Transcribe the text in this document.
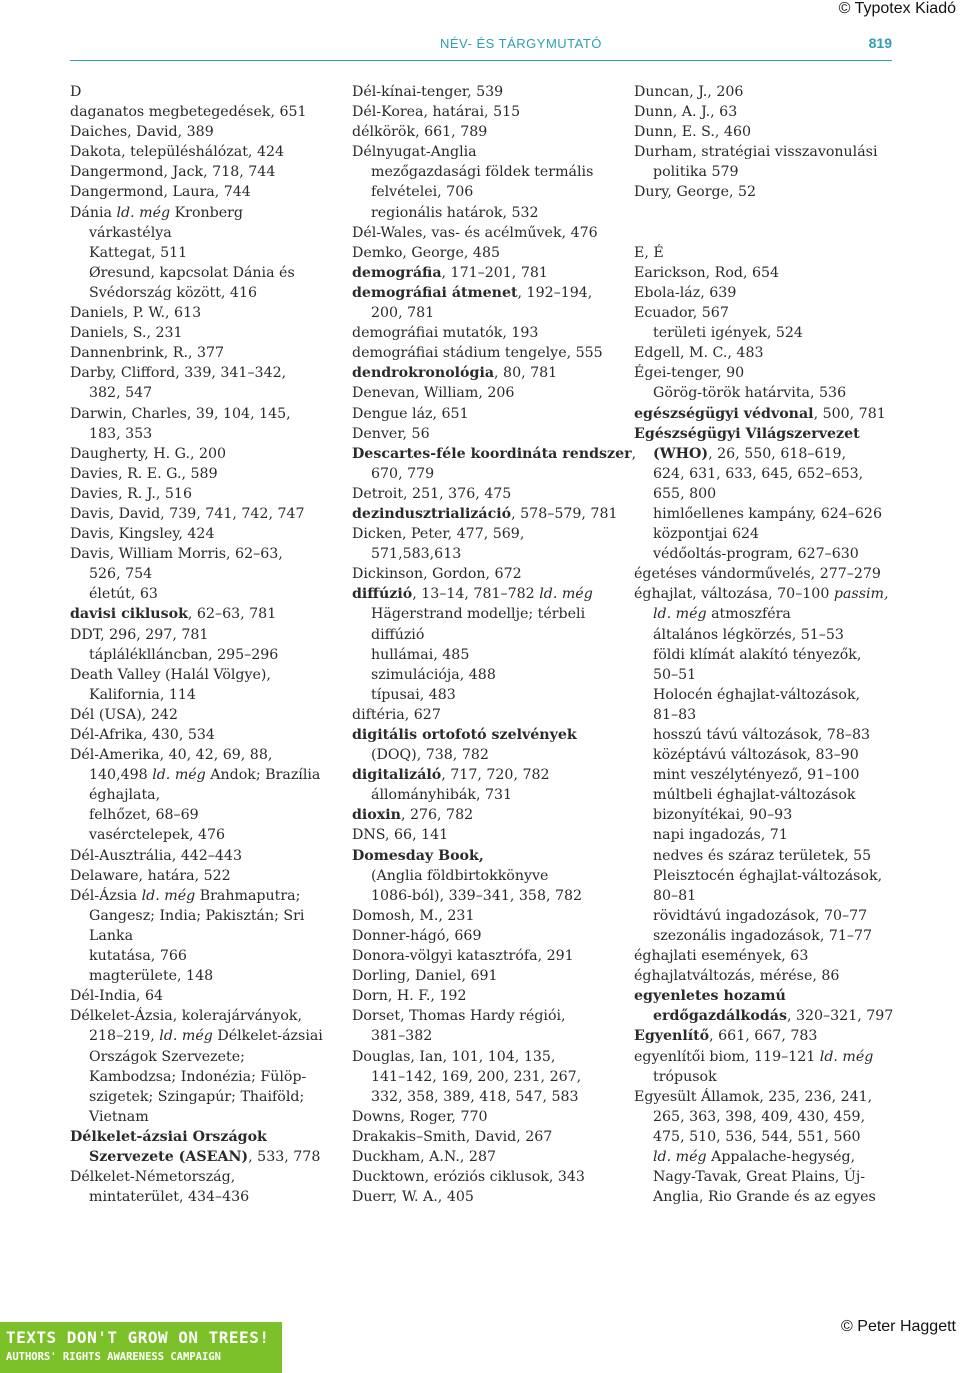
© Typotex Kiadó
NÉV- ÉS TÁRGYMUTATÓ	819
D
daganatos megbetegedések, 651
Daiches, David, 389
Dakota, településhálózat, 424
Dangermond, Jack, 718, 744
Dangermond, Laura, 744
Dánia ld. még Kronberg
várkastélya
Kattegat, 511
Øresund, kapcsolat Dánia és
Svédország között, 416
Daniels, P. W., 613
Daniels, S., 231
Dannenbrink, R., 377
Darby, Clifford, 339, 341–342,
382, 547
Darwin, Charles, 39, 104, 145,
183, 353
Daugherty, H. G., 200
Davies, R. E. G., 589
Davies, R. J., 516
Davis, David, 739, 741, 742, 747
Davis, Kingsley, 424
Davis, William Morris, 62–63,
526, 754
életút, 63
davisi ciklusok, 62–63, 781
DDT, 296, 297, 781
tápláléklláncban, 295–296
Death Valley (Halál Völgye),
Kalifornia, 114
Dél (USA), 242
Dél-Afrika, 430, 534
Dél-Amerika, 40, 42, 69, 88,
140,498 ld. még Andok; Brazília
éghajlata,
felhőzet, 68–69
vasérctelepek, 476
Dél-Ausztrália, 442–443
Delaware, határa, 522
Dél-Ázsia ld. még Brahmaputra;
Gangesz; India; Pakisztán; Sri
Lanka
kutatása, 766
magterülete, 148
Dél-India, 64
Délkelet-Ázsia, kolerajárványok,
218–219, ld. még Délkelet-ázsiai
Országok Szervezete;
Kambodzsa; Indonézia; Fülöp-
szigetek; Szingapúr; Thaiföld;
Vietnam
Délkelet-ázsiai Országok
Szervezete (ASEAN), 533, 778
Délkelet-Németország,
mintaterület, 434–436
Dél-kínai-tenger, 539
Dél-Korea, határai, 515
délkörök, 661, 789
Délnyugat-Anglia
mezőgazdasági földek termális
felvételei, 706
regionális határok, 532
Dél-Wales, vas- és acélművek, 476
Demko, George, 485
demográfia, 171–201, 781
demográfiai átmenet, 192–194,
200, 781
demográfiai mutatók, 193
demográfiai stádium tengelye, 555
dendrokronológia, 80, 781
Denevan, William, 206
Dengue láz, 651
Denver, 56
Descartes-féle koordináta rendszer,
670, 779
Detroit, 251, 376, 475
dezindusztrializáció, 578–579, 781
Dicken, Peter, 477, 569,
571,583,613
Dickinson, Gordon, 672
diffúzió, 13–14, 781–782 ld. még
Hägerstrand modellje; térbeli
diffúzió
hullámai, 485
szimulációja, 488
típusai, 483
diftéria, 627
digitális ortofotó szelvények
(DOQ), 738, 782
digitalizáló, 717, 720, 782
állományhibák, 731
dioxin, 276, 782
DNS, 66, 141
Domesday Book,
(Anglia földbirtokkönyve
1086-ból), 339–341, 358, 782
Domosh, M., 231
Donner-hágó, 669
Donora-völgyi katasztrófa, 291
Dorling, Daniel, 691
Dorn, H. F., 192
Dorset, Thomas Hardy régiói,
381–382
Douglas, Ian, 101, 104, 135,
141–142, 169, 200, 231, 267,
332, 358, 389, 418, 547, 583
Downs, Roger, 770
Drakakis–Smith, David, 267
Duckham, A.N., 287
Ducktown, eróziós ciklusok, 343
Duerr, W. A., 405
Duncan, J., 206
Dunn, A. J., 63
Dunn, E. S., 460
Durham, stratégiai visszavonulási
politika 579
Dury, George, 52
E, É
Earickson, Rod, 654
Ebola-láz, 639
Ecuador, 567
területi igények, 524
Edgell, M. C., 483
Égei-tenger, 90
Görög-török határvita, 536
egészségügyi védvonal, 500, 781
Egészségügyi Világszervezet
(WHO), 26, 550, 618–619,
624, 631, 633, 645, 652–653,
655, 800
himlőellenes kampány, 624–626
központjai 624
védőoltás-program, 627–630
égetéses vándorművelés, 277–279
éghajlat, változása, 70–100 passim,
ld. még atmoszféra
általános légkörzés, 51–53
földi klímát alakító tényezők,
50–51
Holocén éghajlat-változások,
81–83
hosszú távú változások, 78–83
középtávú változások, 83–90
mint veszélytényező, 91–100
múltbeli éghajlat-változások
bizonyítékai, 90–93
napi ingadozás, 71
nedves és száraz területek, 55
Pleisztocén éghajlat-változások,
80–81
rövidtávú ingadozások, 70–77
szezonális ingadozások, 71–77
éghajlati események, 63
éghajlatváltozás, mérése, 86
egyenletes hozamú
erdőgazdálkodás, 320–321, 797
Egyenlítő, 661, 667, 783
egyenlítői biom, 119–121 ld. még
trópusok
Egyesült Államok, 235, 236, 241,
265, 363, 398, 409, 430, 459,
475, 510, 536, 544, 551, 560
ld. még Appalache-hegység,
Nagy-Tavak, Great Plains, Új-
Anglia, Rio Grande és az egyes
© Peter Haggett
TEXTS DON'T GROW ON TREES!
AUTHORS' RIGHTS AWARENESS CAMPAIGN
